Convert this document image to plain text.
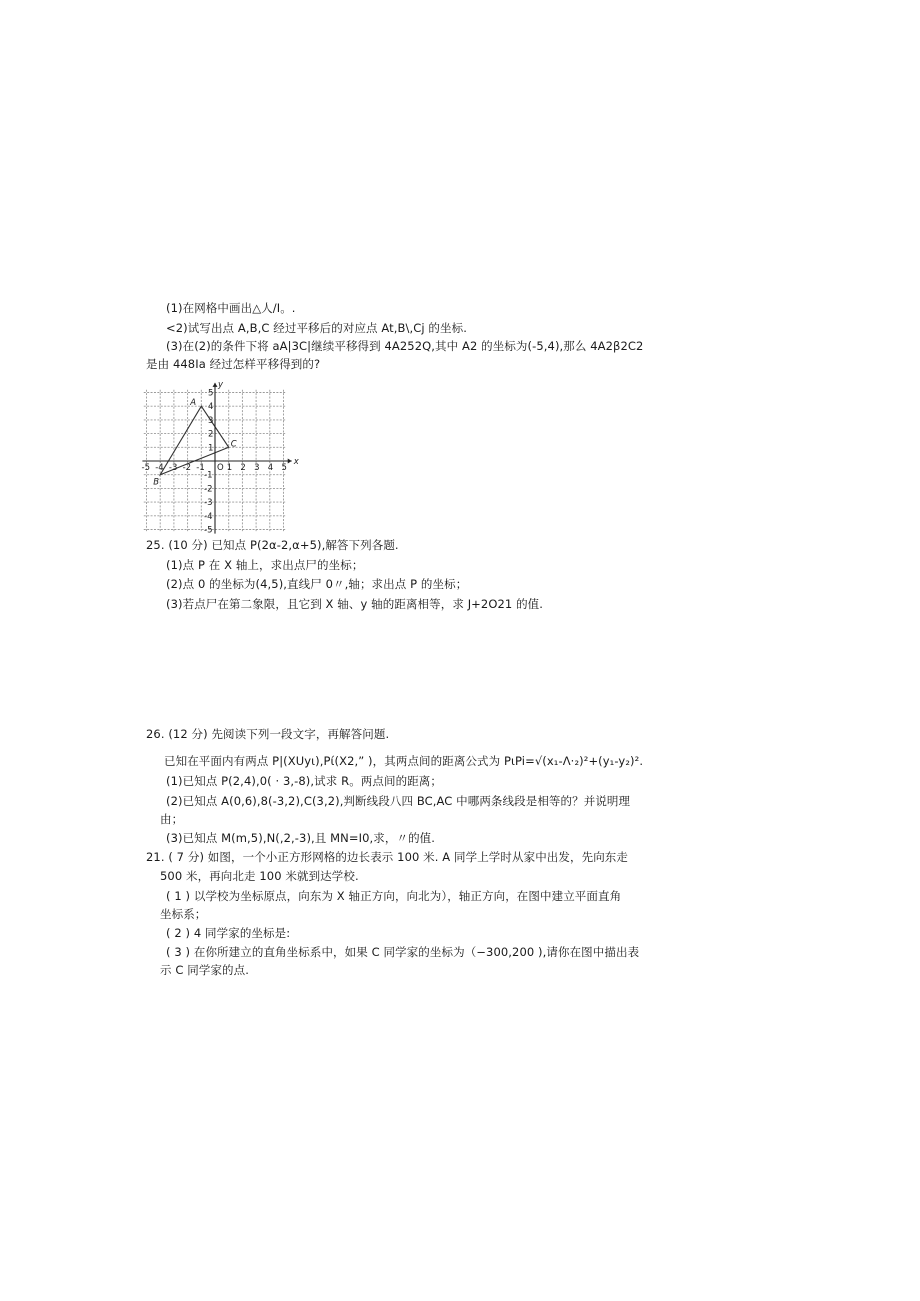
(1)在网格中画出△人/I。.
<2)试写出点 A,B,C 经过平移后的对应点 At,B\,Cj 的坐标.
(3)在(2)的条件下将 aA|3C|继续平移得到 4A252Q,其中 A2 的坐标为(-5,4),那么 4A2β2C2
是由 448Ia 经过怎样平移得到的?
-5 -4 -3 -2 -1 O 1 2 3 4 5
5
4
3
2
1
-1
-2
-3
-4
-5
x
y
A
B
C
25. (10 分) 已知点 P(2α-2,α+5),解答下列各题.
(1)点 P 在 X 轴上，求出点尸的坐标；
(2)点 0 的坐标为(4,5),直线尸 0〃,轴；求出点 P 的坐标；
(3)若点尸在第二象限，且它到 X 轴、y 轴的距离相等，求 J+2O21 的值.
26. (12 分) 先阅读下列一段文字，再解答问题.
已知在平面内有两点 P|(XUyι),Pί(X2,” )，其两点间的距离公式为 PιPi=√(x₁-Λ·₂)²+(y₁-y₂)².
(1)已知点 P(2,4),0( · 3,-8),试求 R。两点间的距离；
(2)已知点 A(0,6),8(-3,2),C(3,2),判断线段八四 BC,AC 中哪两条线段是相等的？并说明理
由；
(3)已知点 M(m,5),N(,2,-3),且 MN=I0,求，〃的值.
21. ( 7 分) 如图，一个小正方形网格的边长表示 100 米. A 同学上学时从家中出发，先向东走
500 米，再向北走 100 米就到达学校.
( 1 ) 以学校为坐标原点，向东为 X 轴正方向，向北为），轴正方向，在图中建立平面直角
坐标系；
( 2 ) 4 同学家的坐标是:
( 3 ) 在你所建立的直角坐标系中，如果 C 同学家的坐标为（−300,200 ),请你在图中描出表
示 C 同学家的点.
